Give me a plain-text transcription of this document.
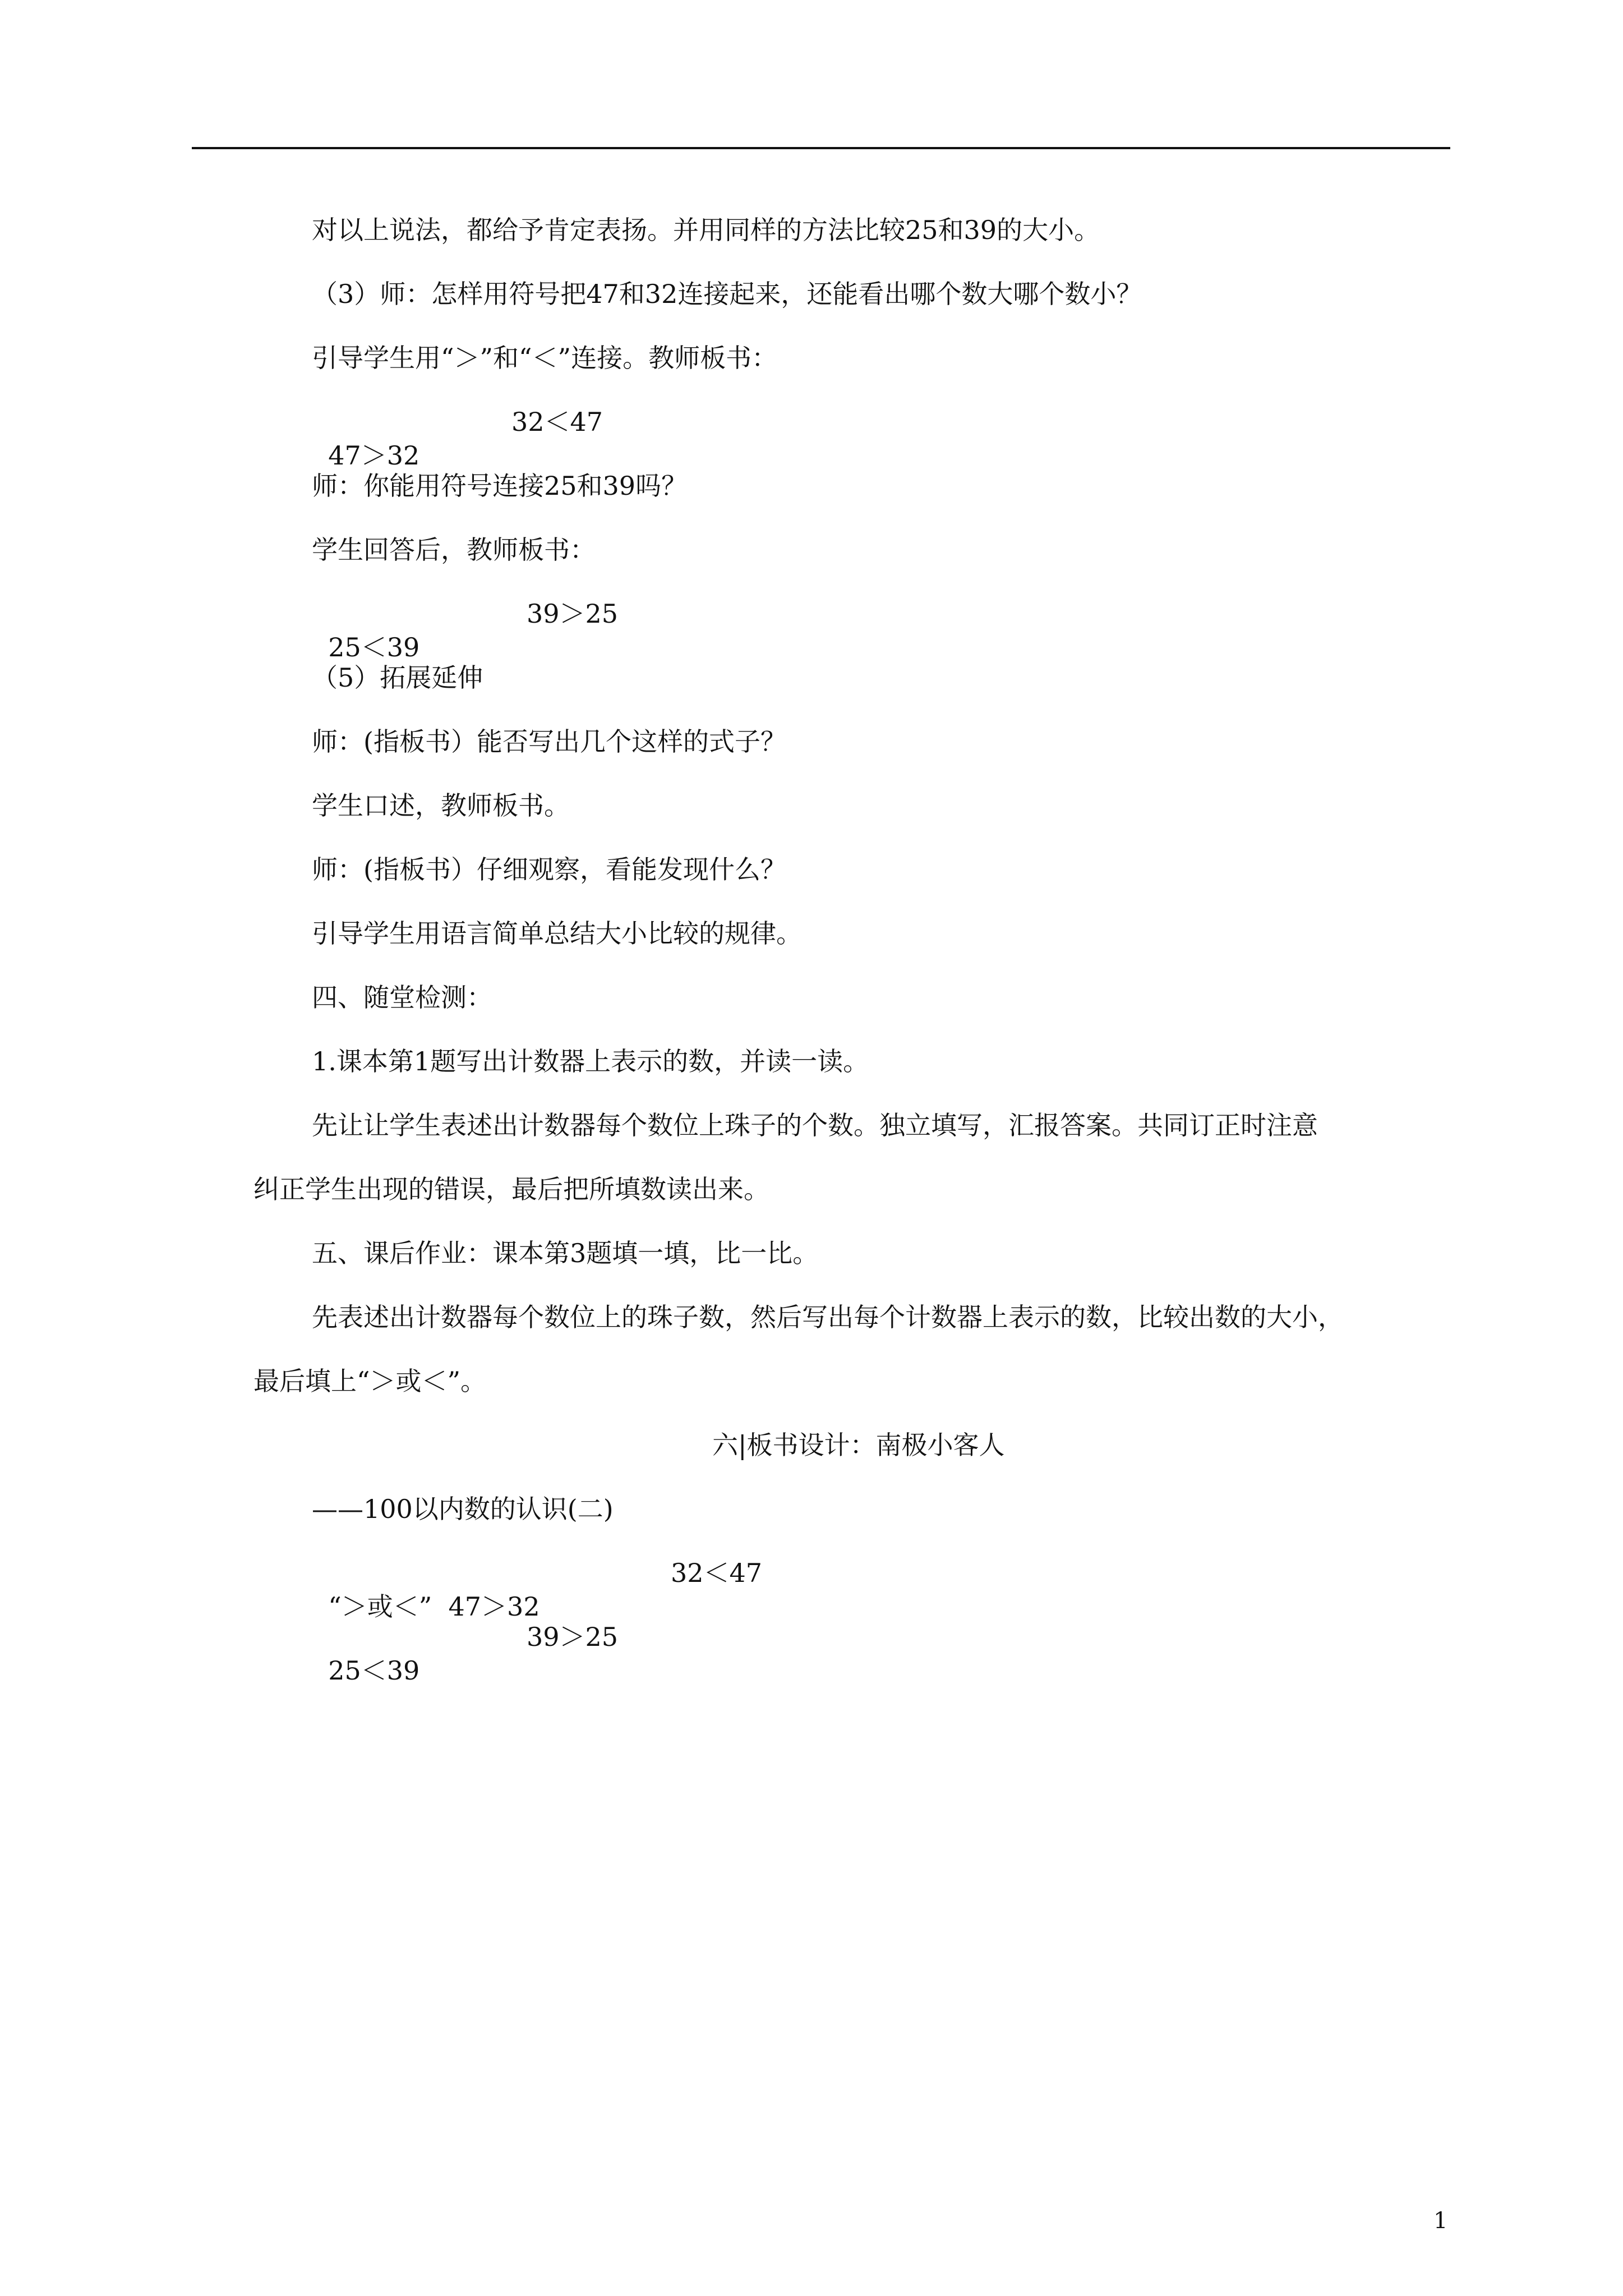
对以上说法，都给予肯定表扬。并用同样的方法比较25和39的大小。
（3）师：怎样用符号把47和32连接起来，还能看出哪个数大哪个数小？
引导学生用“＞”和“＜”连接。教师板书：

47＞32

32＜47

师：你能用符号连接25和39吗？
学生回答后，教师板书：

25＜39

39＞25

（5）拓展延伸
师：(指板书）能否写出几个这样的式子？
学生口述，教师板书。
师：(指板书）仔细观察，看能发现什么？
引导学生用语言简单总结大小比较的规律。
四、随堂检测：
1.课本第1题写出计数器上表示的数，并读一读。
先让让学生表述出计数器每个数位上珠子的个数。独立填写，汇报答案。共同订正时注意
纠正学生出现的错误，最后把所填数读出来。
五、课后作业：课本第3题填一填，比一比。
先表述出计数器每个数位上的珠子数，然后写出每个计数器上表示的数，比较出数的大小，
最后填上“＞或＜”。
六|板书设计：南极小客人
——100以内数的认识(二)

“＞或＜”  47＞32

32＜47

25＜39

39＞25

1
